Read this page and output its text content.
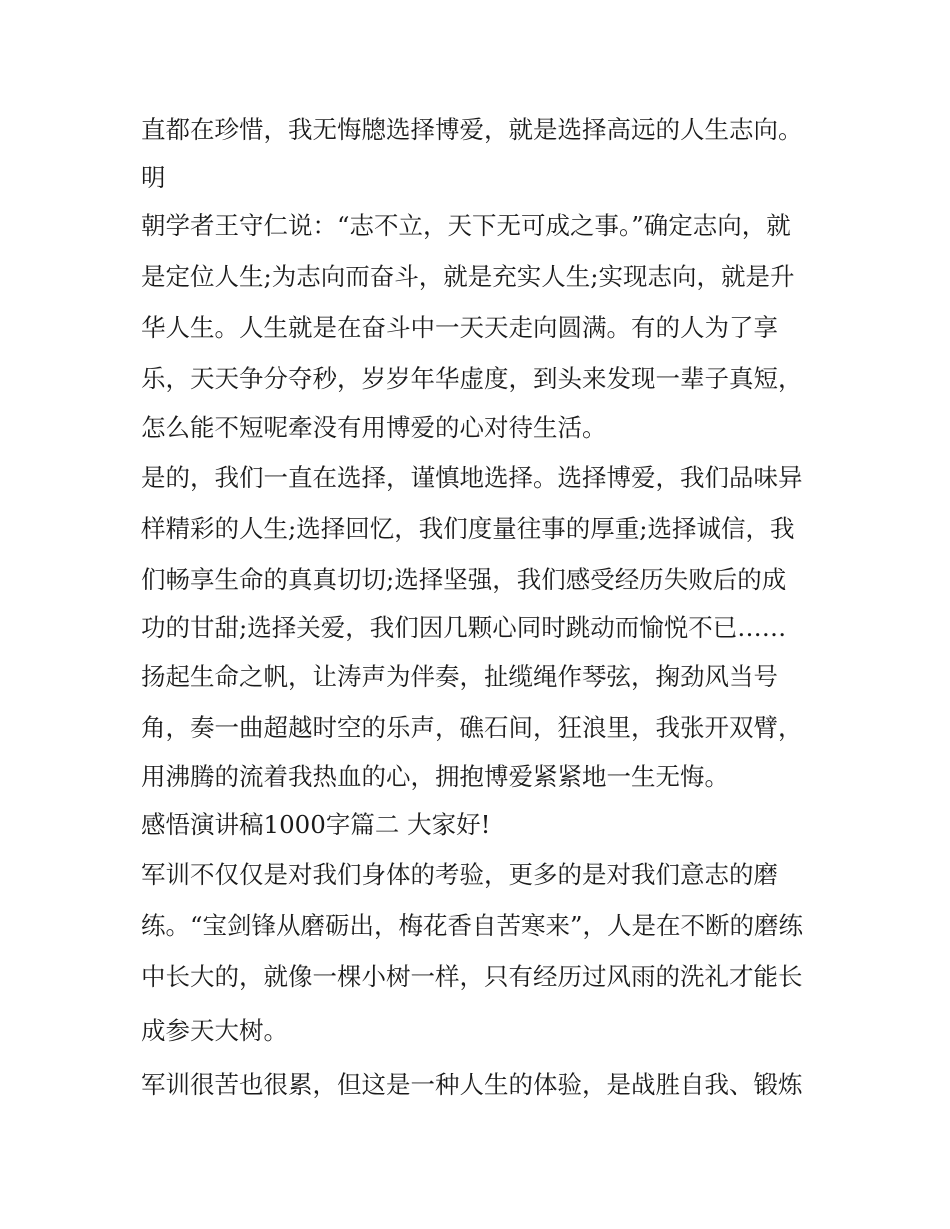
直都在珍惜，我无悔牕选择博爱，就是选择高远的人生志向。
明
朝学者王守仁说：“志不立，天下无可成之事。”确定志向，就
是定位人生;为志向而奋斗，就是充实人生;实现志向，就是升
华人生。人生就是在奋斗中一天天走向圆满。有的人为了享
乐，天天争分夺秒，岁岁年华虚度，到头来发现一辈子真短，
怎么能不短呢牽没有用博爱的心对待生活。
是的，我们一直在选择，谨慎地选择。选择博爱，我们品味异
样精彩的人生;选择回忆，我们度量往事的厚重;选择诚信，我
们畅享生命的真真切切;选择坚强，我们感受经历失败后的成
功的甘甜;选择关爱，我们因几颗心同时跳动而愉悦不已……
扬起生命之帆，让涛声为伴奏，扯缆绳作琴弦，掬劲风当号
角，奏一曲超越时空的乐声，礁石间，狂浪里，我张开双臂，
用沸腾的流着我热血的心，拥抱博爱紧紧地一生无悔。
感悟演讲稿1000字篇二 大家好!
军训不仅仅是对我们身体的考验，更多的是对我们意志的磨
练。“宝剑锋从磨砺出，梅花香自苦寒来”，人是在不断的磨练
中长大的，就像一棵小树一样，只有经历过风雨的洗礼才能长
成参天大树。
军训很苦也很累，但这是一种人生的体验，是战胜自我、锻炼
